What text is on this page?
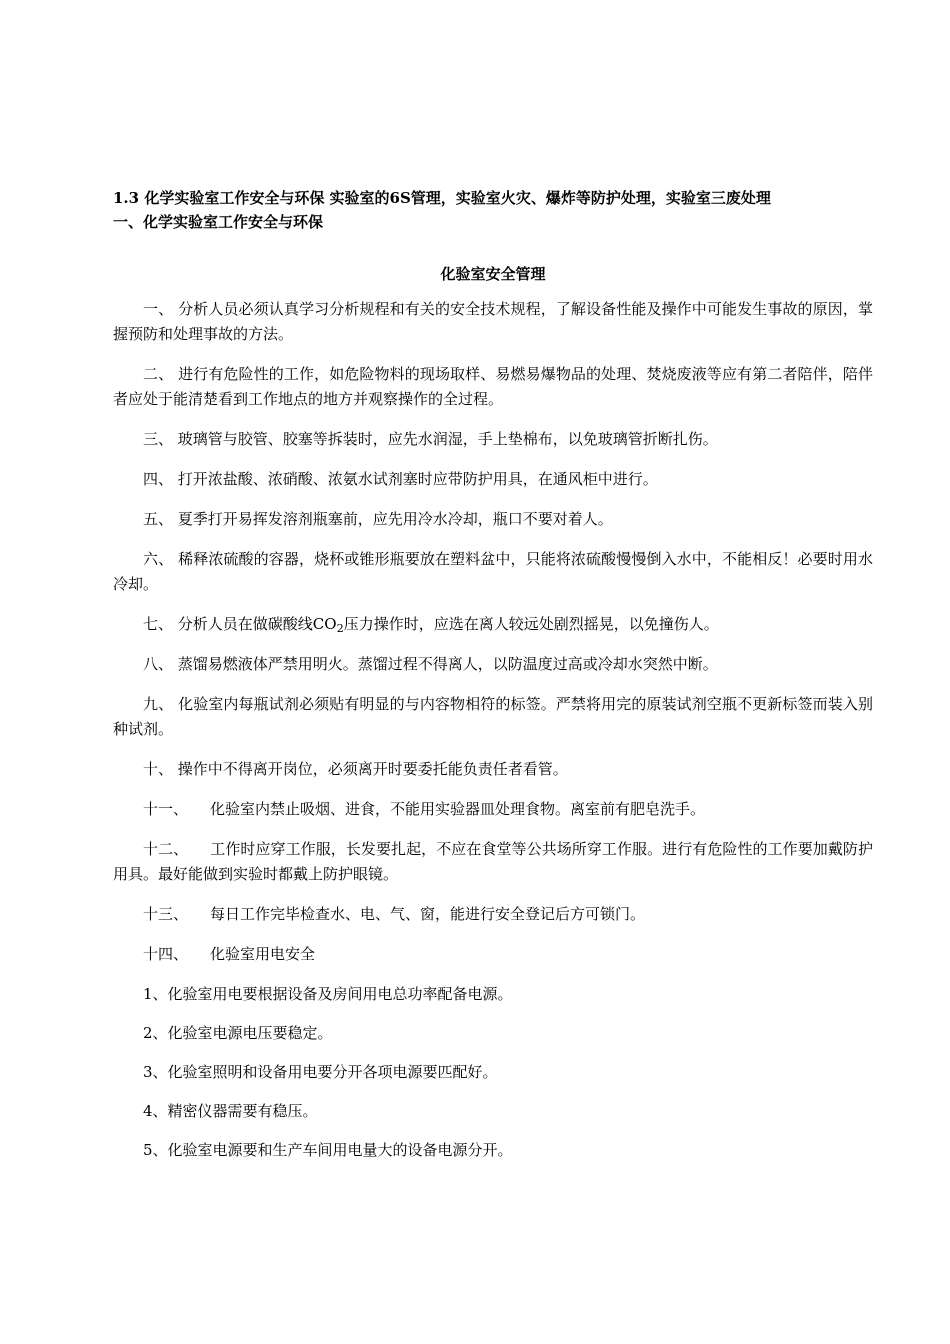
1.3 化学实验室工作安全与环保 实验室的6S管理，实验室火灾、爆炸等防护处理，实验室三废处理

一、化学实验室工作安全与环保

化验室安全管理

一、 分析人员必须认真学习分析规程和有关的安全技术规程，了解设备性能及操作中可能发生事故的原因，掌握预防和处理事故的方法。

二、 进行有危险性的工作，如危险物料的现场取样、易燃易爆物品的处理、焚烧废液等应有第二者陪伴，陪伴者应处于能清楚看到工作地点的地方并观察操作的全过程。

三、 玻璃管与胶管、胶塞等拆装时，应先水润湿，手上垫棉布，以免玻璃管折断扎伤。

四、 打开浓盐酸、浓硝酸、浓氨水试剂塞时应带防护用具，在通风柜中进行。

五、 夏季打开易挥发溶剂瓶塞前，应先用冷水冷却，瓶口不要对着人。

六、 稀释浓硫酸的容器，烧杯或锥形瓶要放在塑料盆中，只能将浓硫酸慢慢倒入水中，不能相反！必要时用水冷却。

七、 分析人员在做碳酸线$CO_2$压力操作时，应选在离人较远处剧烈摇晃，以免撞伤人。

八、 蒸馏易燃液体严禁用明火。蒸馏过程不得离人，以防温度过高或冷却水突然中断。

九、 化验室内每瓶试剂必须贴有明显的与内容物相符的标签。严禁将用完的原装试剂空瓶不更新标签而装入别种试剂。

十、 操作中不得离开岗位，必须离开时要委托能负责任者看管。

十一、 化验室内禁止吸烟、进食，不能用实验器皿处理食物。离室前有肥皂洗手。

十二、 工作时应穿工作服，长发要扎起，不应在食堂等公共场所穿工作服。进行有危险性的工作要加戴防护用具。最好能做到实验时都戴上防护眼镜。

十三、 每日工作完毕检查水、电、气、窗，能进行安全登记后方可锁门。

十四、 化验室用电安全

1、化验室用电要根据设备及房间用电总功率配备电源。

2、化验室电源电压要稳定。

3、化验室照明和设备用电要分开各项电源要匹配好。

4、精密仪器需要有稳压。

5、化验室电源要和生产车间用电量大的设备电源分开。
